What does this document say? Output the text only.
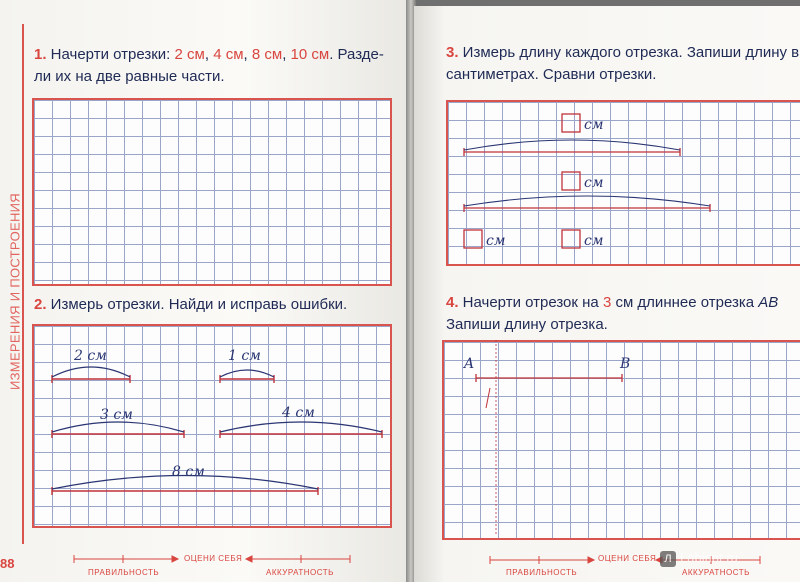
ИЗМЕРЕНИЯ И ПОСТРОЕНИЯ
1. Начерти отрезки: 2 см, 4 см, 8 см, 10 см. Разде-
ли их на две равные части.
2. Измерь отрезки. Найди и исправь ошибки.
2 см	1 см
3 см	4 см
8 см
88
ПРАВИЛЬНОСТЬ
ОЦЕНИ СЕБЯ
АККУРАТНОСТЬ
3. Измерь длину каждого отрезка. Запиши длину в
сантиметрах. Сравни отрезки.
см
см
см	см
4. Начерти отрезок на 3 см длиннее отрезка АВ
Запиши длину отрезка.
A	B
ПРАВИЛЬНОСТЬ
ОЦЕНИ СЕБЯ
АККУРАТНОСТЬ
Л Labirint.ru
